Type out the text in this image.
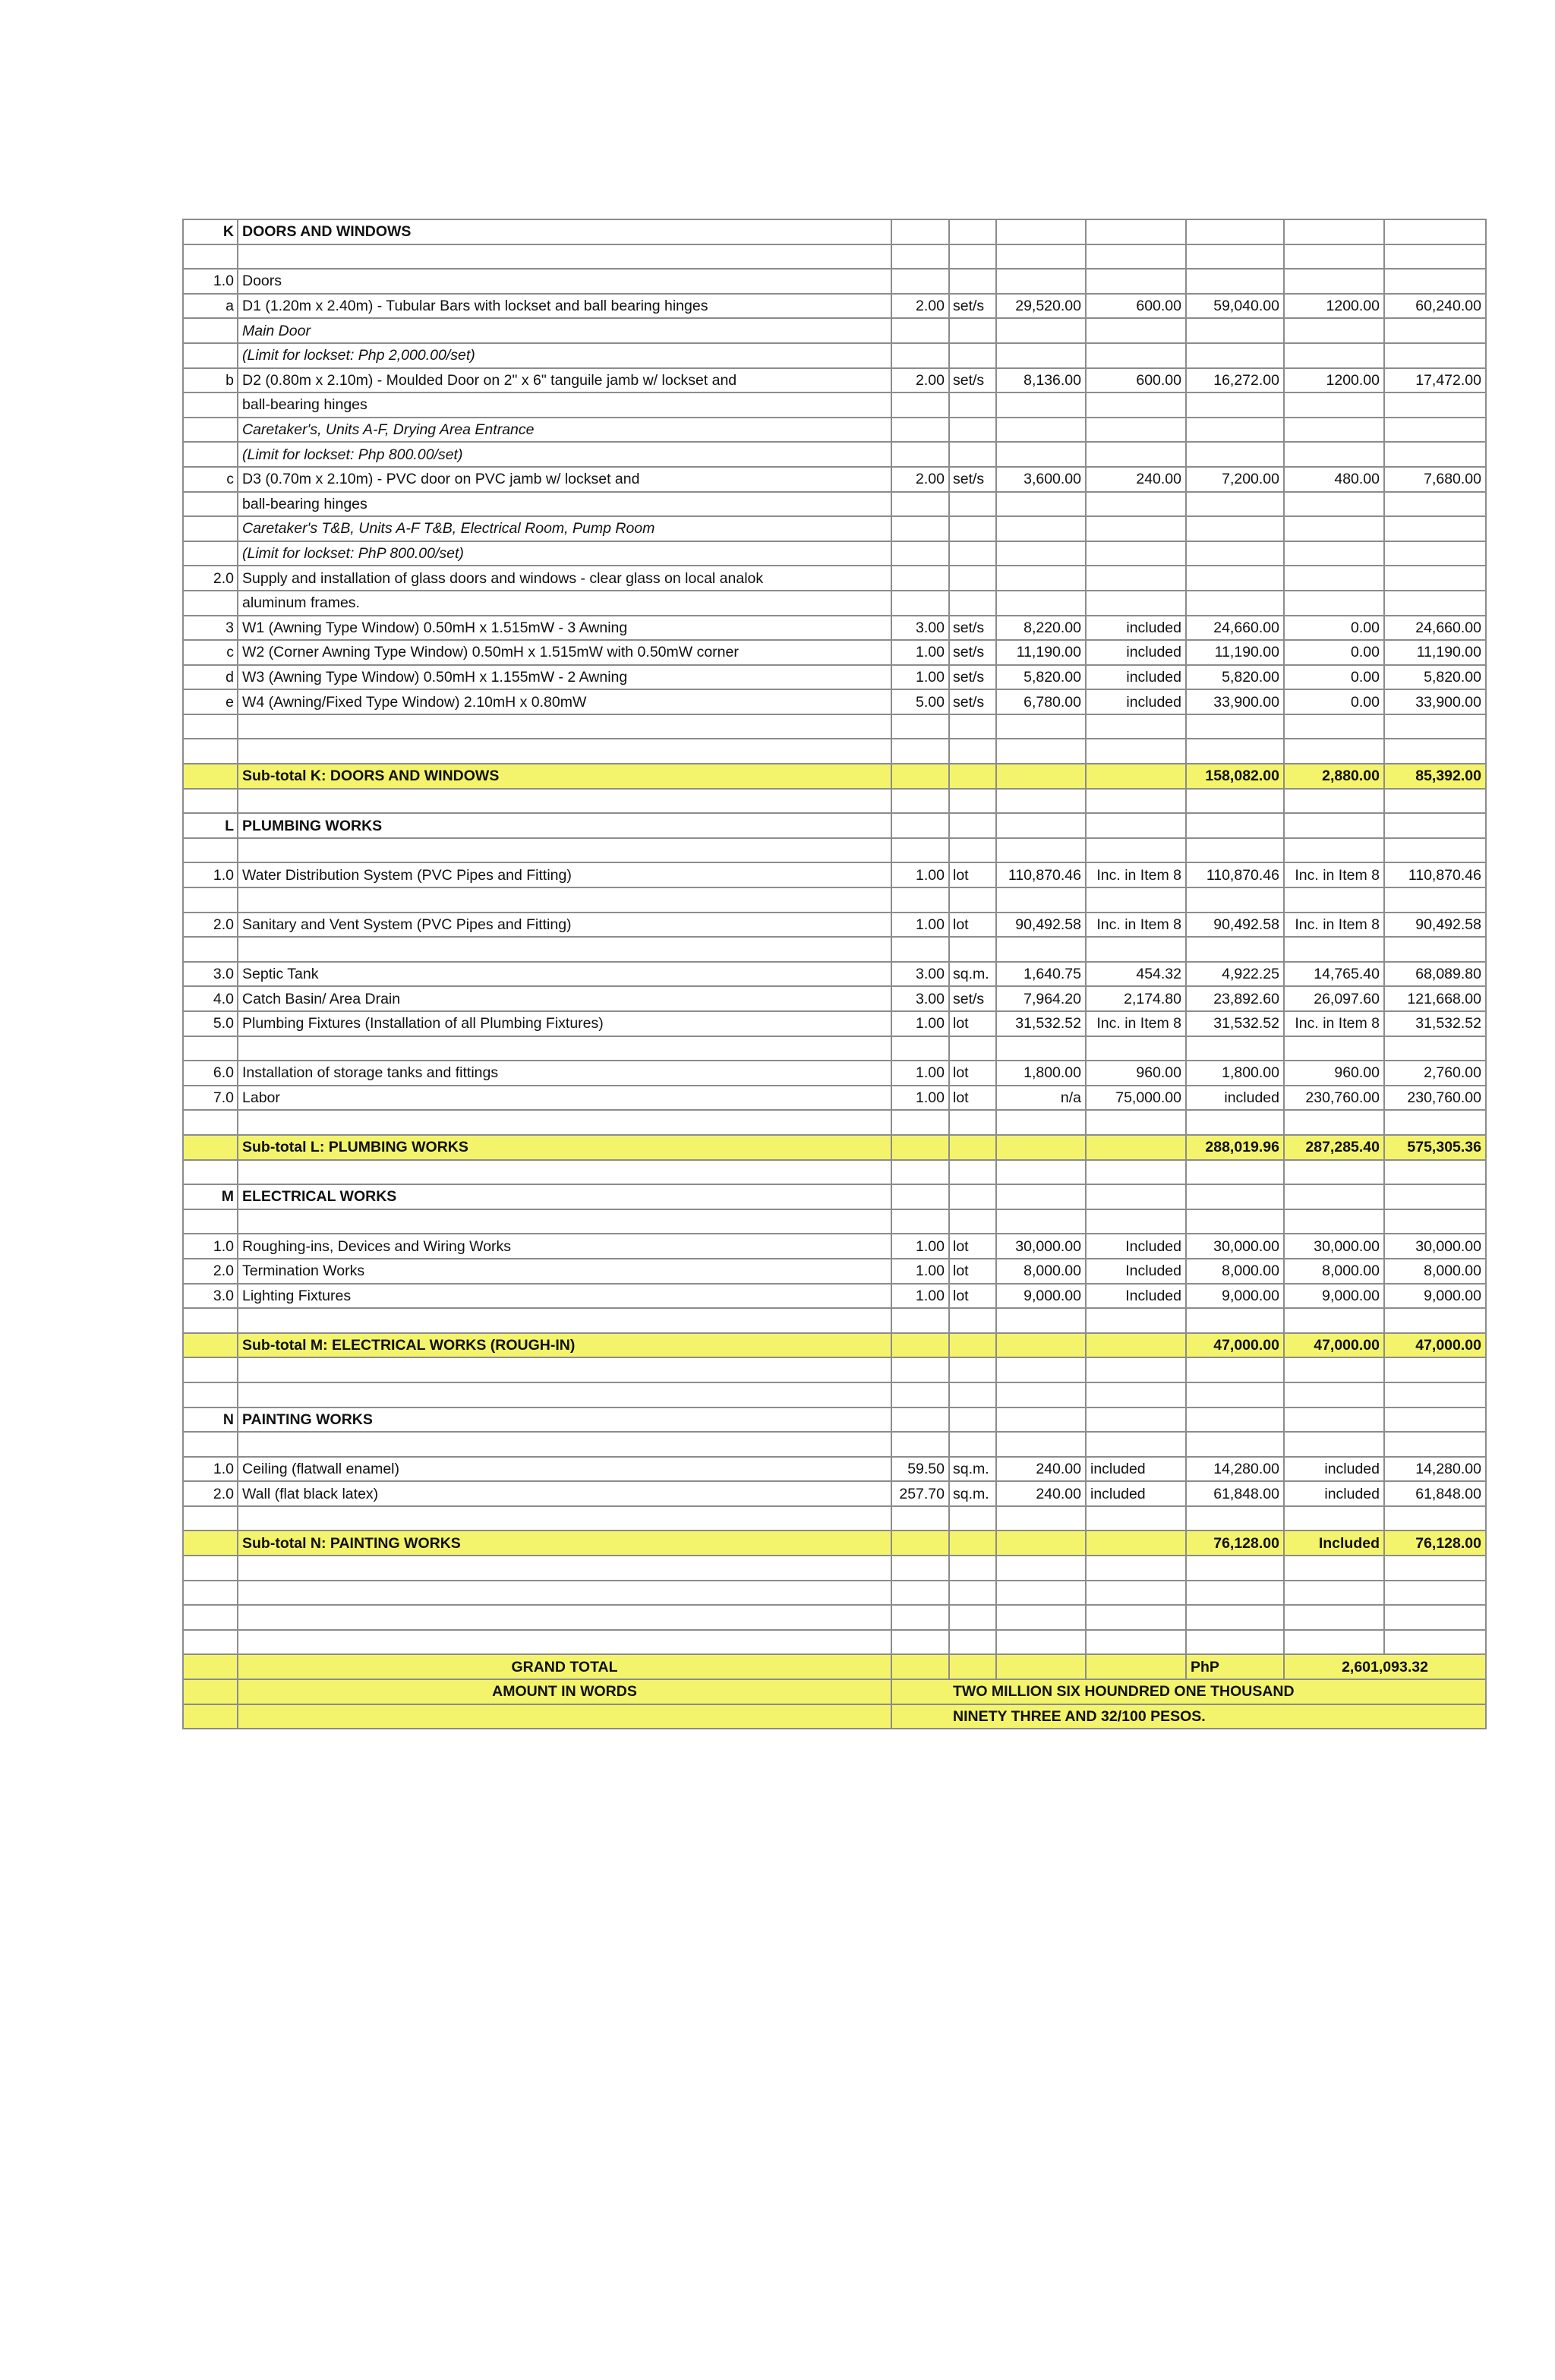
K	DOORS AND WINDOWS							

1.0	Doors							
a	D1 (1.20m x 2.40m) - Tubular Bars with lockset and ball bearing hinges	2.00	set/s	29,520.00	600.00	59,040.00	1200.00	60,240.00
	Main Door							
	(Limit for lockset: Php 2,000.00/set)							
b	D2 (0.80m x 2.10m) - Moulded Door on 2" x 6" tanguile jamb w/ lockset and	2.00	set/s	8,136.00	600.00	16,272.00	1200.00	17,472.00
	ball-bearing hinges							
	Caretaker's, Units A-F, Drying Area Entrance							
	(Limit for lockset: Php 800.00/set)							
c	D3 (0.70m x 2.10m) - PVC door on PVC jamb w/ lockset and	2.00	set/s	3,600.00	240.00	7,200.00	480.00	7,680.00
	ball-bearing hinges							
	Caretaker's T&B, Units A-F T&B, Electrical Room, Pump Room							
	(Limit for lockset: PhP 800.00/set)							
2.0	Supply and installation of glass doors and windows - clear glass on local analok							
	aluminum frames.							
3	W1 (Awning Type Window) 0.50mH x 1.515mW - 3 Awning	3.00	set/s	8,220.00	included	24,660.00	0.00	24,660.00
c	W2 (Corner Awning Type Window) 0.50mH x 1.515mW with 0.50mW corner	1.00	set/s	11,190.00	included	11,190.00	0.00	11,190.00
d	W3 (Awning Type Window) 0.50mH x 1.155mW - 2 Awning	1.00	set/s	5,820.00	included	5,820.00	0.00	5,820.00
e	W4 (Awning/Fixed Type Window) 2.10mH x 0.80mW	5.00	set/s	6,780.00	included	33,900.00	0.00	33,900.00

	Sub-total K: DOORS AND WINDOWS					158,082.00	2,880.00	85,392.00

L	PLUMBING WORKS							

1.0	Water Distribution System (PVC Pipes and Fitting)	1.00	lot	110,870.46	Inc. in Item 8	110,870.46	Inc. in Item 8	110,870.46

2.0	Sanitary and Vent System (PVC Pipes and Fitting)	1.00	lot	90,492.58	Inc. in Item 8	90,492.58	Inc. in Item 8	90,492.58

3.0	Septic Tank	3.00	sq.m.	1,640.75	454.32	4,922.25	14,765.40	68,089.80
4.0	Catch Basin/ Area Drain	3.00	set/s	7,964.20	2,174.80	23,892.60	26,097.60	121,668.00
5.0	Plumbing Fixtures (Installation of all Plumbing Fixtures)	1.00	lot	31,532.52	Inc. in Item 8	31,532.52	Inc. in Item 8	31,532.52

6.0	Installation of storage tanks and fittings	1.00	lot	1,800.00	960.00	1,800.00	960.00	2,760.00
7.0	Labor	1.00	lot	n/a	75,000.00	included	230,760.00	230,760.00

	Sub-total L: PLUMBING WORKS					288,019.96	287,285.40	575,305.36

M	ELECTRICAL WORKS							

1.0	Roughing-ins, Devices and Wiring Works	1.00	lot	30,000.00	Included	30,000.00	30,000.00	30,000.00
2.0	Termination Works	1.00	lot	8,000.00	Included	8,000.00	8,000.00	8,000.00
3.0	Lighting Fixtures	1.00	lot	9,000.00	Included	9,000.00	9,000.00	9,000.00

	Sub-total M: ELECTRICAL WORKS (ROUGH-IN)					47,000.00	47,000.00	47,000.00

N	PAINTING WORKS							

1.0	Ceiling (flatwall enamel)	59.50	sq.m.	240.00	included	14,280.00	included	14,280.00
2.0	Wall (flat black latex)	257.70	sq.m.	240.00	included	61,848.00	included	61,848.00

	Sub-total N: PAINTING WORKS					76,128.00	Included	76,128.00

	GRAND TOTAL					PhP	2,601,093.32	
	AMOUNT IN WORDS	TWO MILLION SIX HOUNDRED ONE THOUSAND						
		NINETY THREE AND 32/100 PESOS.						
